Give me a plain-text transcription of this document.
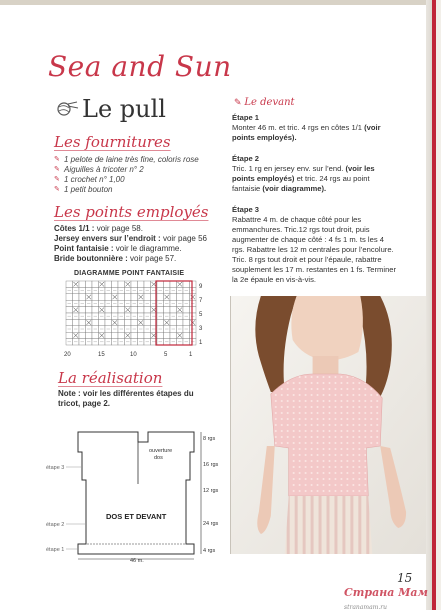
Sea and Sun
Le pull
Les fournitures
✎ 1 pelote de laine très fine, coloris rose
✎ Aiguilles à tricoter n° 2
✎ 1 crochet n° 1,00
✎ 1 petit bouton
Les points employés
Côtes 1/1 : voir page 58.
Jersey envers sur l’endroit : voir page 56
Point fantaisie : voir le diagramme.
Bride boutonnière : voir page 57.
DIAGRAMME POINT FANTAISIE
9
7
5
3
1
20	15	10	5	1
La réalisation
Note : voir les différentes étapes du tricot, page 2.
ouverture
dos
DOS ET DEVANT
46 m.
8 rgs
16 rgs
12 rgs
24 rgs
4 rgs
étape 3
étape 2
étape 1
✎ Le devant
Étape 1
Monter 46 m. et tric. 4 rgs en côtes 1/1 (voir points employés).
Étape 2
Tric. 1 rg en jersey env. sur l’end. (voir les points employés) et tric. 24 rgs au point fantaisie (voir diagramme).
Étape 3
Rabattre 4 m. de chaque côté pour les emmanchures. Tric.12 rgs tout droit, puis augmenter de chaque côté : 4 fs 1 m. ts les 4 rgs. Rabattre les 12 m centrales pour l’encolure. Tric. 8 rgs tout droit et pour l’épaule, rabattre souplement les 17 m. restantes en 1 fs. Terminer la 2e épaule en vis-à-vis.
15
Страна Мам stranamam.ru
